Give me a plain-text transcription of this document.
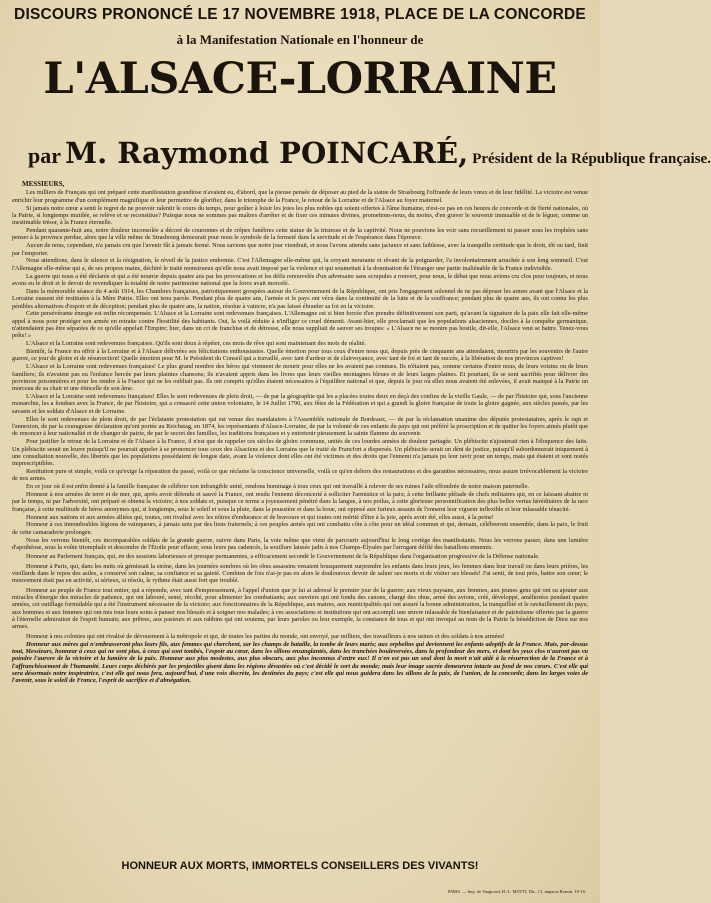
DISCOURS PRONONCÉ LE 17 NOVEMBRE 1918, PLACE DE LA CONCORDE
à la Manifestation Nationale en l'honneur de
L'ALSACE-LORRAINE
par M. Raymond POINCARÉ, Président de la République française.
MESSIEURS,

Les milliers de Français qui ont préparé cette manifestation grandiose n'avaient eu, d'abord, que la pieuse pensée de déposer au pied de la statue de Strasbourg l'offrande de leurs vœux et de leur fidélité. La victoire est venue enrichir leur programme d'un complément magnifique et leur permettre de glorifier, dans le triomphe de la France, le retour de la Lorraine et de l'Alsace au foyer maternel.

Si jamais notre cœur a senti le regret de ne pouvoir ralentir le cours du temps, pour goûter à loisir les joies les plus nobles qui soient offertes à l'âme humaine, n'est-ce pas en ces heures de concorde et de fierté nationales, où la Patrie, si longtemps mutilée, se relève et se reconstitue? Puisque nous ne sommes pas maîtres d'arrêter et de fixer ces minutes divines, promettons-nous, du moins, d'en graver le souvenir immuable et de le léguer, comme un inestimable trésor, à la France éternelle.

Pendant quarante-huit ans, notre douleur inconsolée a décoré de couronnes et de crêpes funèbres cette statue de la tristesse et de la captivité. Nous ne pouvions les voir sans recueillement ni passer sous les trophées sans penser à la province perdue, alors que la ville même de Strasbourg demeurait pour nous le symbole de la fermeté dans la servitude et de l'espérance dans l'épreuve.

Aucun de nous, cependant, n'a jamais cru que l'avenir fût à jamais fermé. Nous savions que notre jour viendrait, et nous l'avons attendu sans jactance et sans faiblesse, avec la tranquille certitude que le droit, tôt ou tard, finit par l'emporter.

Nous attendions, dans le silence et la résignation, le réveil de la justice endormie. C'est l'Allemagne elle-même qui, la croyant mourante et rêvant de la poignarder, l'a involontairement arrachée à son long sommeil. C'est l'Allemagne elle-même qui a, de ses propres mains, déchiré le traité monstrueux qu'elle nous avait imposé par la violence et qui soumettait à la domination de l'étranger une partie inaliénable de la France indivisible.

La guerre qui nous a été déclarée et qui a été nourrie depuis quatre ans par les provocations et les défis renouvelés d'un adversaire sans scrupules a rouvert, pour nous, le débat que nous avions cru clos pour toujours, et nous avons eu le droit et le devoir de revendiquer la totalité de notre patrimoine national que la force avait morcelé.

Dans la mémorable séance du 4 août 1914, les Chambres françaises, patriotiquement groupées autour du Gouvernement de la République, ont pris l'engagement solennel de ne pas déposer les armes avant que l'Alsace et la Lorraine eussent été restituées à la Mère Patrie. Elles ont tenu parole. Pendant plus de quatre ans, l'armée et le pays ont vécu dans la continuité de la lutte et de la souffrance; pendant plus de quatre ans, ils ont connu les plus pénibles alternatives d'espoir et de déception; pendant plus de quatre ans, la nation, résolue à vaincre, n'a pas laissé ébranler sa foi en la victoire.

Cette persévérante énergie est enfin récompensée. L'Alsace et la Lorraine sont redevenues françaises. L'Allemagne est si bien forcée d'en prendre définitivement son parti, qu'avant la signature de la paix elle fait elle-même appel à nous pour protéger son armée en retraite contre l'hostilité des habitants. Oui, la voilà réduite à n'infliger ce cruel démenti. Avant-hier, elle proclamait que les populations alsaciennes, dociles à la conquête germanique, n'attendaient pas être séparées de ce qu'elle appelait l'Empire; hier, dans un cri de franchise et de détresse, elle nous suppliait de sauver ses troupes: « L'Alsace ne se montre pas hostile, dit-elle, l'Alsace veut se battre. Tenez-vous prêts! »

L'Alsace et la Lorraine sont redevenues françaises. Qu'ils sont doux à répéter, ces mots de rêve qui sont maintenant des mots de réalité.

Bientôt, la France ira offrir à la Lorraine et à l'Alsace délivrées ses félicitations enthousiastes. Quelle émotion pour tous ceux d'entre nous qui, depuis près de cinquante ans attendaient, meurtris par les souvenirs de l'autre guerre, ce jour de gloire et de résurrection! Quelle émotion pour M. le Président du Conseil qui a travaillé, avec tant d'ardeur et de clairvoyance, avec tant de foi et tant de succès, à la libération de nos provinces captives!

L'Alsace et la Lorraine sont redevenues françaises! Le plus grand nombre des héros qui viennent de mourir pour elles ne les avaient pas connues. Ils n'étaient pas, comme certains d'entre nous, de leurs voisins ou de leurs familiers; ils n'avaient pas eu l'enfance bercée par leurs plaintes chansons; ils n'avaient appris dans les livres que leurs vieilles montagnes bleues et de leurs larges plaines. Et pourtant, ils se sont sacrifiés pour délivrer des provinces prisonnières et pour les rendre à la France qui ne les oubliait pas. Ils ont compris qu'elles étaient nécessaires à l'équilibre national et que, depuis le jour où elles nous avaient été enlevées, il avait manqué à la Patrie un morceau de sa chair et une étincelle de son âme.

L'Alsace et la Lorraine sont redevenues françaises! Elles le sont redevenues de plein droit, — de par la géographie qui les a placées toutes deux en deçà des confins de la vieille Gaule, — de par l'histoire qui, sous l'ancienne monarchie, les a fondues avec la France, de par l'histoire, qui a consacré cette union volontaire, le 14 Juillet 1790, aux fêtes de la Fédération et qui a grandi la gloire française de toute la gloire gagnée, aux siècles passés, par les savants et les soldats d'Alsace et de Lorraine.

Elles le sont redevenues de plein droit, de par l'éclatante protestation qui est venue des mandataires à l'Assemblée nationale de Bordeaux, — de par la réclamation unanime des députés protestataires, après le rapt et l'annexion, de par la courageuse déclaration qu'ont portée au Reichstag, en 1874, les représentants d'Alsace-Lorraine, de par la volonté de ces enfants du pays qui ont préféré la proscription et de quitter les foyers aimés plutôt que de renoncer à leur nationalité et de changer de patrie, de par le secret des familles, les traditions françaises et y entretenir pieusement la sainte flamme du souvenir.

Pour justifier le retour de la Lorraine et de l'Alsace à la France, il n'est que de rappeler ces siècles de gloire commune, unités de ces lourdes années de douleur partagée. Un plébiscite n'ajouterait rien à l'éloquence des faits. Un plébiscite serait un leurre puisqu'il ne pourrait appeler à se prononcer tous ceux des Alsaciens et des Lorrains que le traité de Francfort a dispersés. Un plébiscite serait un déni de justice, puisqu'il subordonnerait iniquement à une consultation nouvelle, des libertés que les populations possédaient de longue date, avant la violence dont elles ont été victimes et des droits que l'ennemi n'a jamais pu leur ravir pour un temps, mais qui étaient et sont restés imprescriptibles.

Restitution pure et simple, voilà ce qu'exige la réparation du passé, voilà ce que réclame la conscience universelle, voilà ce qu'en dehors des restaurations et des garanties nécessaires, nous assure irrévocablement la victoire de nos armes.

En ce jour où il est enfin donné à la famille française de célébrer son infrangible unité, rendons hommage à tous ceux qui ont travaillé à relever de ses ruines l'aile effondrée de notre maison paternelle.

Honneur à nos armées de terre et de mer, qui, après avoir défendu et sauvé la France, ont rendu l'ennemi déconcerté à solliciter l'armistice et la paix; à cette brillante pléiade de chefs militaires qui, en ce laissant abattre ni par le temps, ni par l'adversité, ont préparé et obtenu la victoire; à nos soldats et, puisque ce terme a joyeusement pénétré dans la langue, à nos poilus, à cette glorieuse personnification des plus belles vertus héréditaires de la race française, à cette multitude de héros anonymes qui, si longtemps, sous le soleil et sous la pluie, dans la poussière et dans la boue, ont opposé aux furieux assauts de l'ennemi leur vigueur inflexible et leur inlassable ténacité.

Honneur aux nations et aux armées alliées qui, toutes, ont rivalisé avec les nôtres d'endurance et de bravoure et qui toutes ont mérité d'être à la joie, après avoir été, elles aussi, à la peine!

Honneur à ces innombrables légions de vainqueurs, à jamais unis par des liens fraternels; à ces peuples armés qui ont combattu côte à côte pour un idéal commun et qui, demain, célébreront ensemble, dans la paix, le fruit de cette camaraderie prolongée.

Nous les verrons bientôt, ces incomparables soldats de la grande guerre, suivre dans Paris, la voie même que vient de parcourir aujourd'hui le long cortège des manifestants. Nous les verrons passer, dans une lumière d'apothéose, sous la voûte triomphale et descendre de l'Étoile pour effacer, sous leurs pas cadencés, la souillure laissée jadis à nos Champs-Élysées par l'arrogant défilé des bataillons ennemis.

Honneur au Parlement français, qui, en des sessions laborieuses et presque permanentes, a efficacement secondé le Gouvernement de la République dans l'organisation progressive de la Défense nationale.

Honneur à Paris, qui, dans les nuits où gémissait la sirène, dans les journées sombres où les obus assassins venaient brusquement surprendre les enfants dans leurs jeux, les femmes dans leur travail ou dans leurs prières, les vieillards dans le repos des asiles, a conservé son calme, sa confiance et sa gaieté. Combien de fois n'ai-je pas eu alors le douloureux devoir de saluer ses morts et de visiter ses blessés! J'ai senti, de tout près, battre son cœur; le mouvement était pas en activité, si sérieux, si résolu, le rythme était aussi fort que troublé.

Honneur au peuple de France tout entier, qui a répondu, avec tant d'empressement, à l'appel d'union que je lui ai adressé le premier jour de la guerre; aux vieux paysans, aux femmes, aux jeunes gens qui ont su ajouter aux miracles d'énergie des miracles de patience, qui ont labouré, semé, récolté, pour alimenter les combattants; aux ouvriers qui ont fondu des canons, chargé des obus, armé des avions, créé, développé, améliorées pendant quatre années, cet outillage formidable qui a été l'instrument nécessaire de la victoire; aux fonctionnaires de la République, aux maires, aux municipalités qui ont assuré la bonne administration, la tranquillité et le ravitaillement du pays; aux hommes et aux femmes qui ont mis tous leurs soins à panser nos blessés et à soigner nos malades; à ces associations et institutions qui ont accompli une œuvre inlassable de bienfaisance et de patriotisme offertes par la guerre à l'éternelle admiration de l'esprit humain; aux prêtres, aux pasteurs et aux rabbins qui ont soutenu, par leurs paroles ou leur exemple, la constance de tous et qui ont invoqué au nom de la Patrie la bénédiction de Dieu sur nos armes.

Honneur à nos colonies qui ont rivalisé de dévouement à la métropole et qui, de toutes les parties du monde, ont envoyé, par milliers, des travailleurs à nos usines et des soldats à nos armées!

Honneur aux mères qui n'embrasseront plus leurs fils, aux femmes qui cherchent, sur les champs de bataille, la tombe de leurs maris; aux orphelins qui deviennent les enfants adoptifs de la France. Mais, par-dessus tout, Messieurs, honneur à ceux qui ne sont plus, à ceux qui sont tombés, l'espoir au cœur, dans les sillons ensanglantés, dans les tranchées bouleversées, dans la profondeur des mers, et dont les yeux clos n'auront pas vu poindre l'aurore de la victoire et la lumière de la paix. Honneur aux plus modestes, aux plus obscurs, aux plus inconnus d'entre eux! Il n'en est pas un seul dont la mort n'ait aidé à la résurrection de la France et à l'affranchissement de l'humanité. Leurs corps déchirés par les projectiles gisent dans les régions dévastées où c'est décidé le sort du monde; mais leur image sacrée demeurera intacte au fond de nos cœurs. C'est elle qui sera désormais notre inspiratrice, c'est elle qui nous fera, aujourd'hui, d'une voix discrète, les destinées du pays; c'est elle qui nous guidera dans les sillons de la paix, de l'union, de la concorde; dans les larges voies de l'avenir, sous le soleil de France, l'esprit de sacrifice et d'abnégation.

HONNEUR AUX MORTS, IMMORTELS CONSEILLERS DES VIVANTS!
PARIS. — Imp. de Vaugirard, H.-L. MOTTI, Dir., 13, impasse Ronsin. 10-18.
